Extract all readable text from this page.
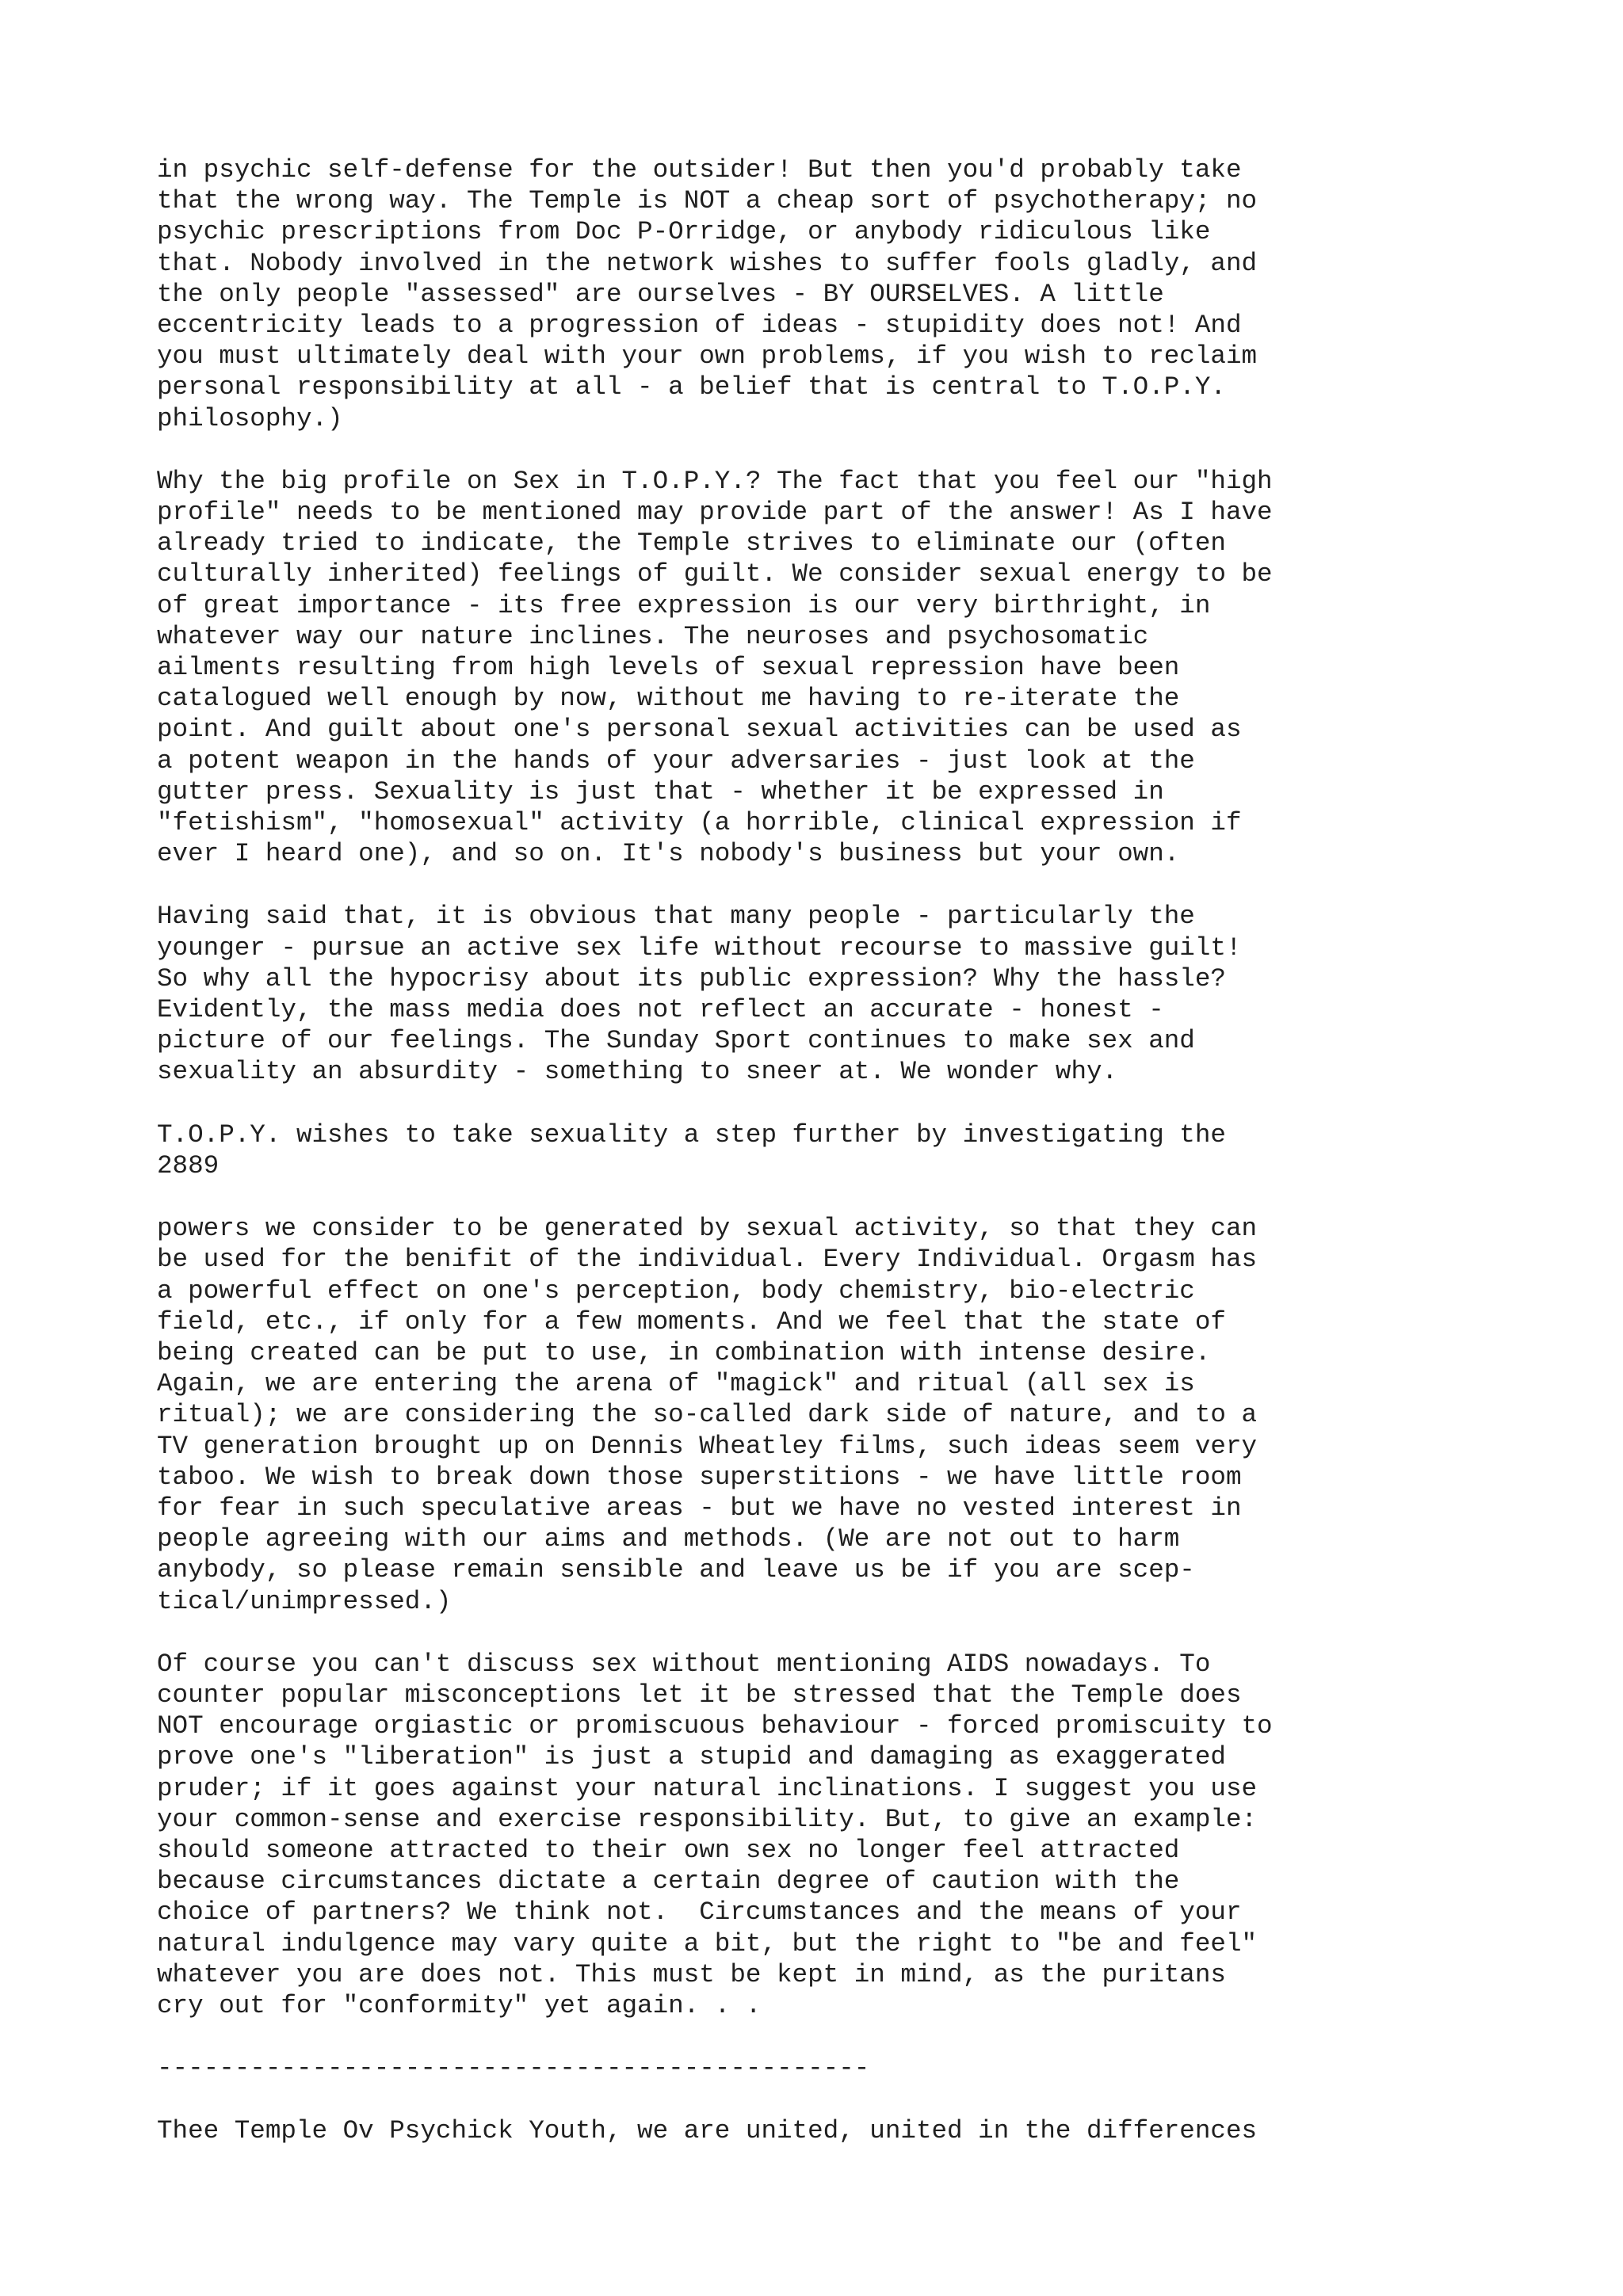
in psychic self-defense for the outsider! But then you'd probably take
that the wrong way. The Temple is NOT a cheap sort of psychotherapy; no
psychic prescriptions from Doc P-Orridge, or anybody ridiculous like
that. Nobody involved in the network wishes to suffer fools gladly, and
the only people "assessed" are ourselves - BY OURSELVES. A little
eccentricity leads to a progression of ideas - stupidity does not! And
you must ultimately deal with your own problems, if you wish to reclaim
personal responsibility at all - a belief that is central to T.O.P.Y.
philosophy.)
Why the big profile on Sex in T.O.P.Y.? The fact that you feel our "high
profile" needs to be mentioned may provide part of the answer! As I have
already tried to indicate, the Temple strives to eliminate our (often
culturally inherited) feelings of guilt. We consider sexual energy to be
of great importance - its free expression is our very birthright, in
whatever way our nature inclines. The neuroses and psychosomatic
ailments resulting from high levels of sexual repression have been
catalogued well enough by now, without me having to re-iterate the
point. And guilt about one's personal sexual activities can be used as
a potent weapon in the hands of your adversaries - just look at the
gutter press. Sexuality is just that - whether it be expressed in
"fetishism", "homosexual" activity (a horrible, clinical expression if
ever I heard one), and so on. It's nobody's business but your own.
Having said that, it is obvious that many people - particularly the
younger - pursue an active sex life without recourse to massive guilt!
So why all the hypocrisy about its public expression? Why the hassle?
Evidently, the mass media does not reflect an accurate - honest -
picture of our feelings. The Sunday Sport continues to make sex and
sexuality an absurdity - something to sneer at. We wonder why.
T.O.P.Y. wishes to take sexuality a step further by investigating the
2889
powers we consider to be generated by sexual activity, so that they can
be used for the benifit of the individual. Every Individual. Orgasm has
a powerful effect on one's perception, body chemistry, bio-electric
field, etc., if only for a few moments. And we feel that the state of
being created can be put to use, in combination with intense desire.
Again, we are entering the arena of "magick" and ritual (all sex is
ritual); we are considering the so-called dark side of nature, and to a
TV generation brought up on Dennis Wheatley films, such ideas seem very
taboo. We wish to break down those superstitions - we have little room
for fear in such speculative areas - but we have no vested interest in
people agreeing with our aims and methods. (We are not out to harm
anybody, so please remain sensible and leave us be if you are scep-
tical/unimpressed.)
Of course you can't discuss sex without mentioning AIDS nowadays. To
counter popular misconceptions let it be stressed that the Temple does
NOT encourage orgiastic or promiscuous behaviour - forced promiscuity to
prove one's "liberation" is just a stupid and damaging as exaggerated
pruder; if it goes against your natural inclinations. I suggest you use
your common-sense and exercise responsibility. But, to give an example:
should someone attracted to their own sex no longer feel attracted
because circumstances dictate a certain degree of caution with the
choice of partners? We think not.  Circumstances and the means of your
natural indulgence may vary quite a bit, but the right to "be and feel"
whatever you are does not. This must be kept in mind, as the puritans
cry out for "conformity" yet again. . .
----------------------------------------------
Thee Temple Ov Psychick Youth, we are united, united in the differences
